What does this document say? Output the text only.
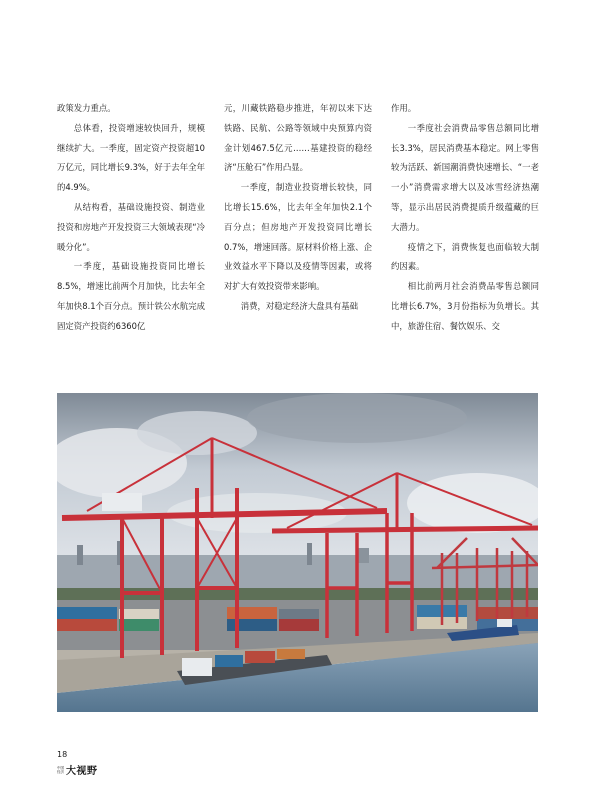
政策发力重点。

总体看，投资增速较快回升，规模继续扩大。一季度，固定资产投资超10万亿元，同比增长9.3%，好于去年全年的4.9%。

从结构看，基础设施投资、制造业投资和房地产开发投资三大领域表现“冷暖分化”。

一季度，基础设施投资同比增长8.5%，增速比前两个月加快，比去年全年加快8.1个百分点。预计铁公水航完成固定资产投资约6360亿

元，川藏铁路稳步推进，年初以来下达铁路、民航、公路等领域中央预算内资金计划467.5亿元……基建投资的稳经济“压舱石”作用凸显。

一季度，制造业投资增长较快，同比增长15.6%，比去年全年加快2.1个百分点；但房地产开发投资同比增长0.7%，增速回落。原材料价格上涨、企业效益水平下降以及疫情等因素，或将对扩大有效投资带来影响。

消费，对稳定经济大盘具有基础

作用。

一季度社会消费品零售总额同比增长3.3%，居民消费基本稳定。网上零售较为活跃、新国潮消费快速增长、“一老一小”消费需求增大以及冰雪经济热潮等，显示出居民消费提质升级蕴藏的巨大潜力。

疫情之下，消费恢复也面临较大制约因素。

相比前两月社会消费品零售总额同比增长6.7%，3月份指标为负增长。其中，旅游住宿、餐饮娱乐、交

18
中国
经济 大视野
